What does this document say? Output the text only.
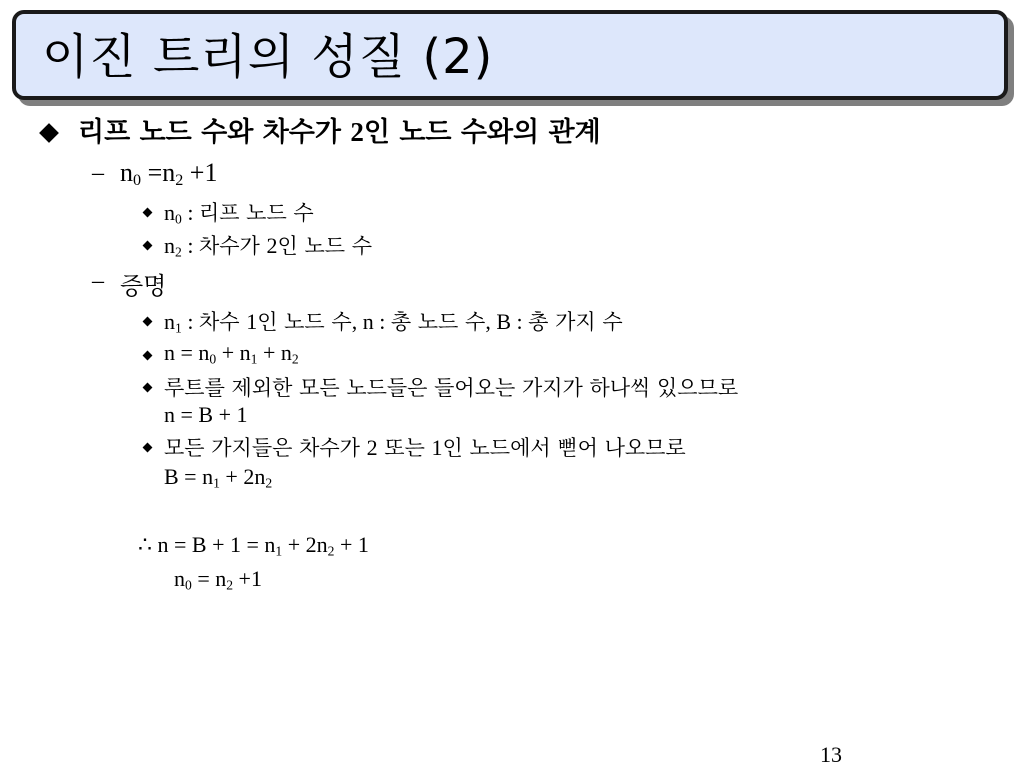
이진 트리의 성질 (2)
리프 노드 수와 차수가 2인 노드 수와의 관계
– $n_0 =n_2 +1$
$n_0$ : 리프 노드 수
$n_2$ : 차수가 2인 노드 수
– 증명
$n_1$ : 차수 1인 노드 수, n : 총 노드 수, B : 총 가지 수
$n = n_0 + n_1 + n_2$
루트를 제외한 모든 노드들은 들어오는 가지가 하나씩 있으므로
n = B + 1
모든 가지들은 차수가 2 또는 1인 노드에서 뻗어 나오므로
$B = n_1 + 2n_2$
∴ $n = B + 1 = n_1 + 2n_2 + 1$
$n_0 = n_2 +1$
13
